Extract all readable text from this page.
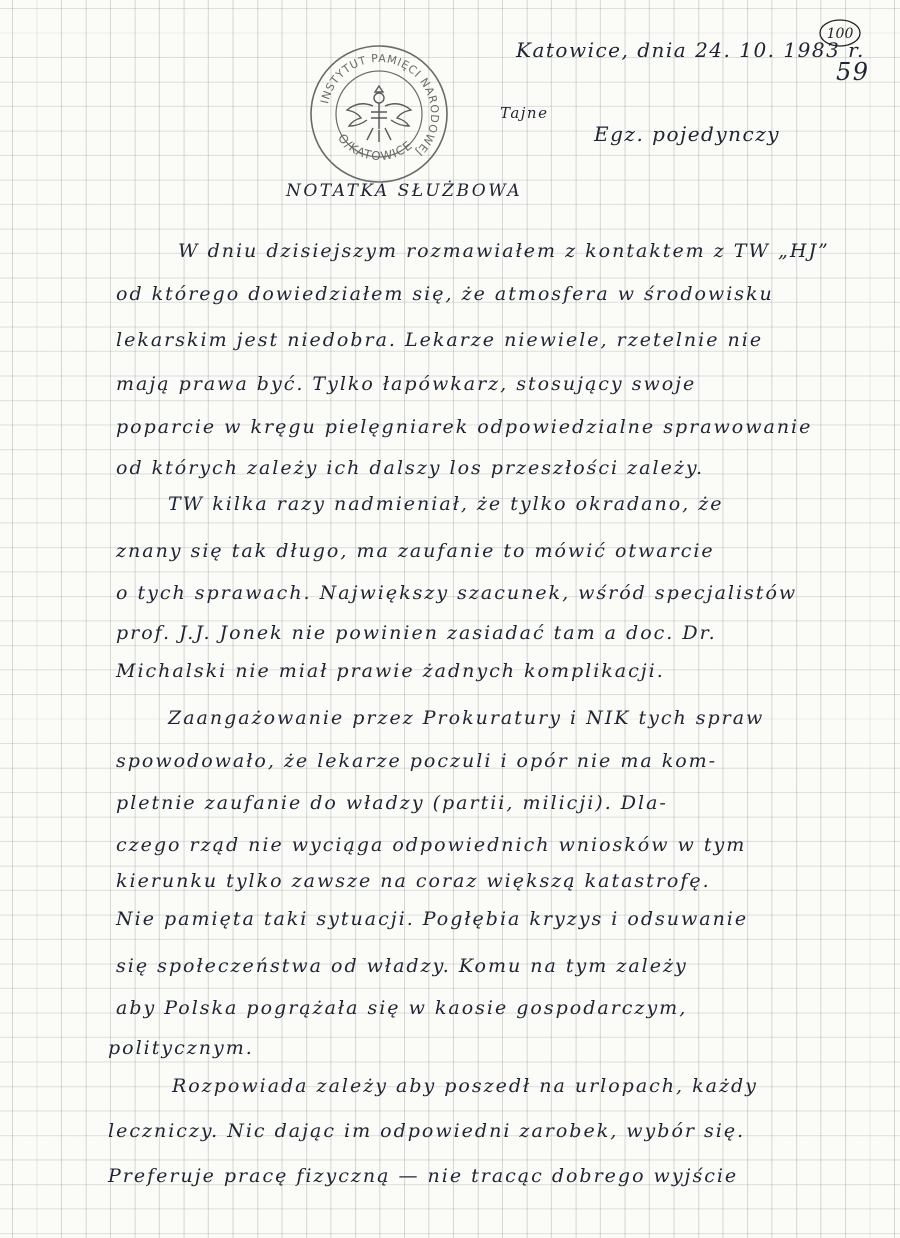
100
INSTYTUT PAMIĘCI NARODOWEJ
O/KATOWICE
Katowice, dnia 24. 10. 1983 r.
59
Tajne
Egz. pojedynczy
NOTATKA SŁUŻBOWA
W dniu dzisiejszym rozmawiałem z kontaktem z TW „HJ”
od którego dowiedziałem się, że atmosfera w środowisku
lekarskim jest niedobra. Lekarze niewiele, rzetelnie nie
mają prawa być. Tylko łapówkarz, stosujący swoje
poparcie w kręgu pielęgniarek odpowiedzialne sprawowanie
od których zależy ich dalszy los przeszłości zależy.
TW kilka razy nadmieniał, że tylko okradano, że
znany się tak długo, ma zaufanie to mówić otwarcie
o tych sprawach. Największy szacunek, wśród specjalistów
prof. J.J. Jonek nie powinien zasiadać tam a doc. Dr.
Michalski nie miał prawie żadnych komplikacji.
Zaangażowanie przez Prokuratury i NIK tych spraw
spowodowało, że lekarze poczuli i opór nie ma kom-
pletnie zaufanie do władzy (partii, milicji). Dla-
czego rząd nie wyciąga odpowiednich wniosków w tym
kierunku tylko zawsze na coraz większą katastrofę.
Nie pamięta taki sytuacji. Pogłębia kryzys i odsuwanie
się społeczeństwa od władzy. Komu na tym zależy
aby Polska pogrążała się w kaosie gospodarczym,
politycznym.
Rozpowiada zależy aby poszedł na urlopach, każdy
leczniczy. Nic dając im odpowiedni zarobek, wybór się.
Preferuje pracę fizyczną — nie tracąc dobrego wyjście
